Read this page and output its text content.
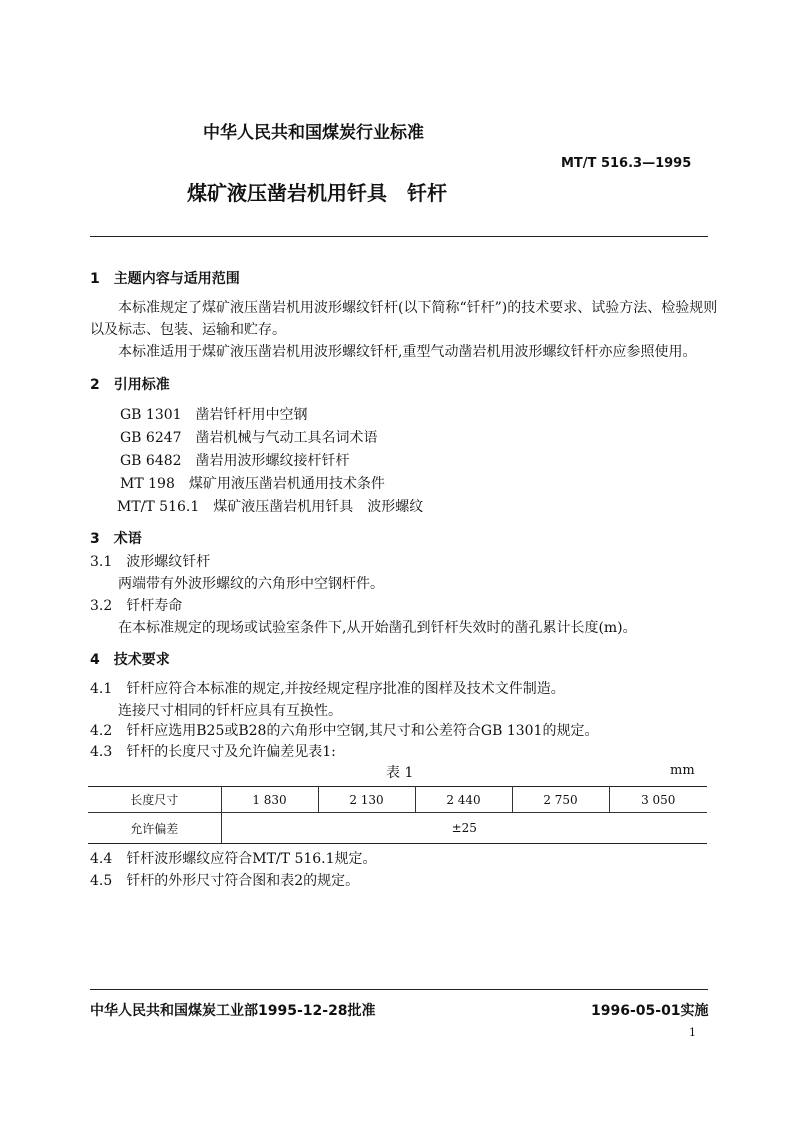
中华人民共和国煤炭行业标准
MT/T 516.3—1995
煤矿液压凿岩机用钎具　钎杆
1　主题内容与适用范围
本标准规定了煤矿液压凿岩机用波形螺纹钎杆(以下简称“钎杆”)的技术要求、试验方法、检验规则
以及标志、包装、运输和贮存。
本标准适用于煤矿液压凿岩机用波形螺纹钎杆,重型气动凿岩机用波形螺纹钎杆亦应参照使用。
2　引用标准
GB 1301　凿岩钎杆用中空钢
GB 6247　凿岩机械与气动工具名词术语
GB 6482　凿岩用波形螺纹接杆钎杆
MT 198　煤矿用液压凿岩机通用技术条件
MT/T 516.1　煤矿液压凿岩机用钎具　波形螺纹
3　术语
3.1　波形螺纹钎杆
两端带有外波形螺纹的六角形中空钢杆件。
3.2　钎杆寿命
在本标准规定的现场或试验室条件下,从开始凿孔到钎杆失效时的凿孔累计长度(m)。
4　技术要求
4.1　钎杆应符合本标准的规定,并按经规定程序批准的图样及技术文件制造。
连接尺寸相同的钎杆应具有互换性。
4.2　钎杆应选用B25或B28的六角形中空钢,其尺寸和公差符合GB 1301的规定。
4.3　钎杆的长度尺寸及允许偏差见表1:
表 1	mm
长度尺寸	1 830	2 130	2 440	2 750	3 050
允许偏差	±25				
4.4　钎杆波形螺纹应符合MT/T 516.1规定。
4.5　钎杆的外形尺寸符合图和表2的规定。
中华人民共和国煤炭工业部1995-12-28批准	1996-05-01实施
1
